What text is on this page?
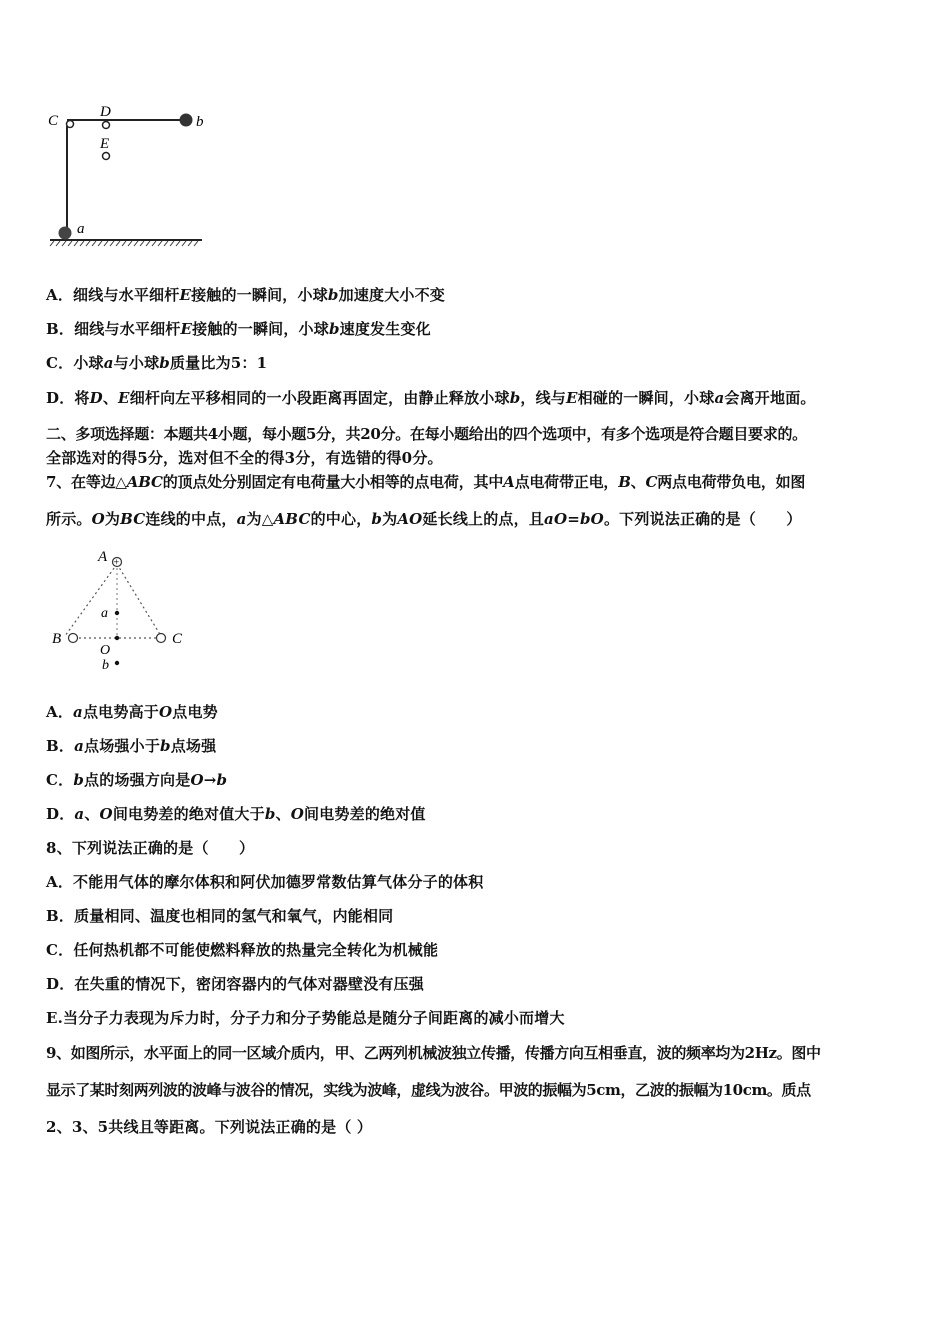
C
D
E
b
a
A．细线与水平细杆E接触的一瞬间，小球b加速度大小不变
B．细线与水平细杆E接触的一瞬间，小球b速度发生变化
C．小球a与小球b质量比为5：1
D．将D、E细杆向左平移相同的一小段距离再固定，由静止释放小球b，线与E相碰的一瞬间，小球a会离开地面。
二、多项选择题：本题共4小题，每小题5分，共20分。在每小题给出的四个选项中，有多个选项是符合题目要求的。
全部选对的得5分，选对但不全的得3分，有选错的得0分。
7、在等边△ABC的顶点处分别固定有电荷量大小相等的点电荷，其中A点电荷带正电，B、C两点电荷带负电，如图
所示。O为BC连线的中点，a为△ABC的中心，b为AO延长线上的点，且aO=bO。下列说法正确的是（　　）
+
A
B	C
a
O
b
A．a点电势高于O点电势
B．a点场强小于b点场强
C．b点的场强方向是O→b
D．a、O间电势差的绝对值大于b、O间电势差的绝对值
8、下列说法正确的是（　　）
A．不能用气体的摩尔体积和阿伏加德罗常数估算气体分子的体积
B．质量相同、温度也相同的氢气和氧气，内能相同
C．任何热机都不可能使燃料释放的热量完全转化为机械能
D．在失重的情况下，密闭容器内的气体对器壁没有压强
E.当分子力表现为斥力时，分子力和分子势能总是随分子间距离的减小而增大
9、如图所示，水平面上的同一区域介质内，甲、乙两列机械波独立传播，传播方向互相垂直，波的频率均为2Hz。图中
显示了某时刻两列波的波峰与波谷的情况，实线为波峰，虚线为波谷。甲波的振幅为5cm，乙波的振幅为10cm。质点
2、3、5共线且等距离。下列说法正确的是（ ）
